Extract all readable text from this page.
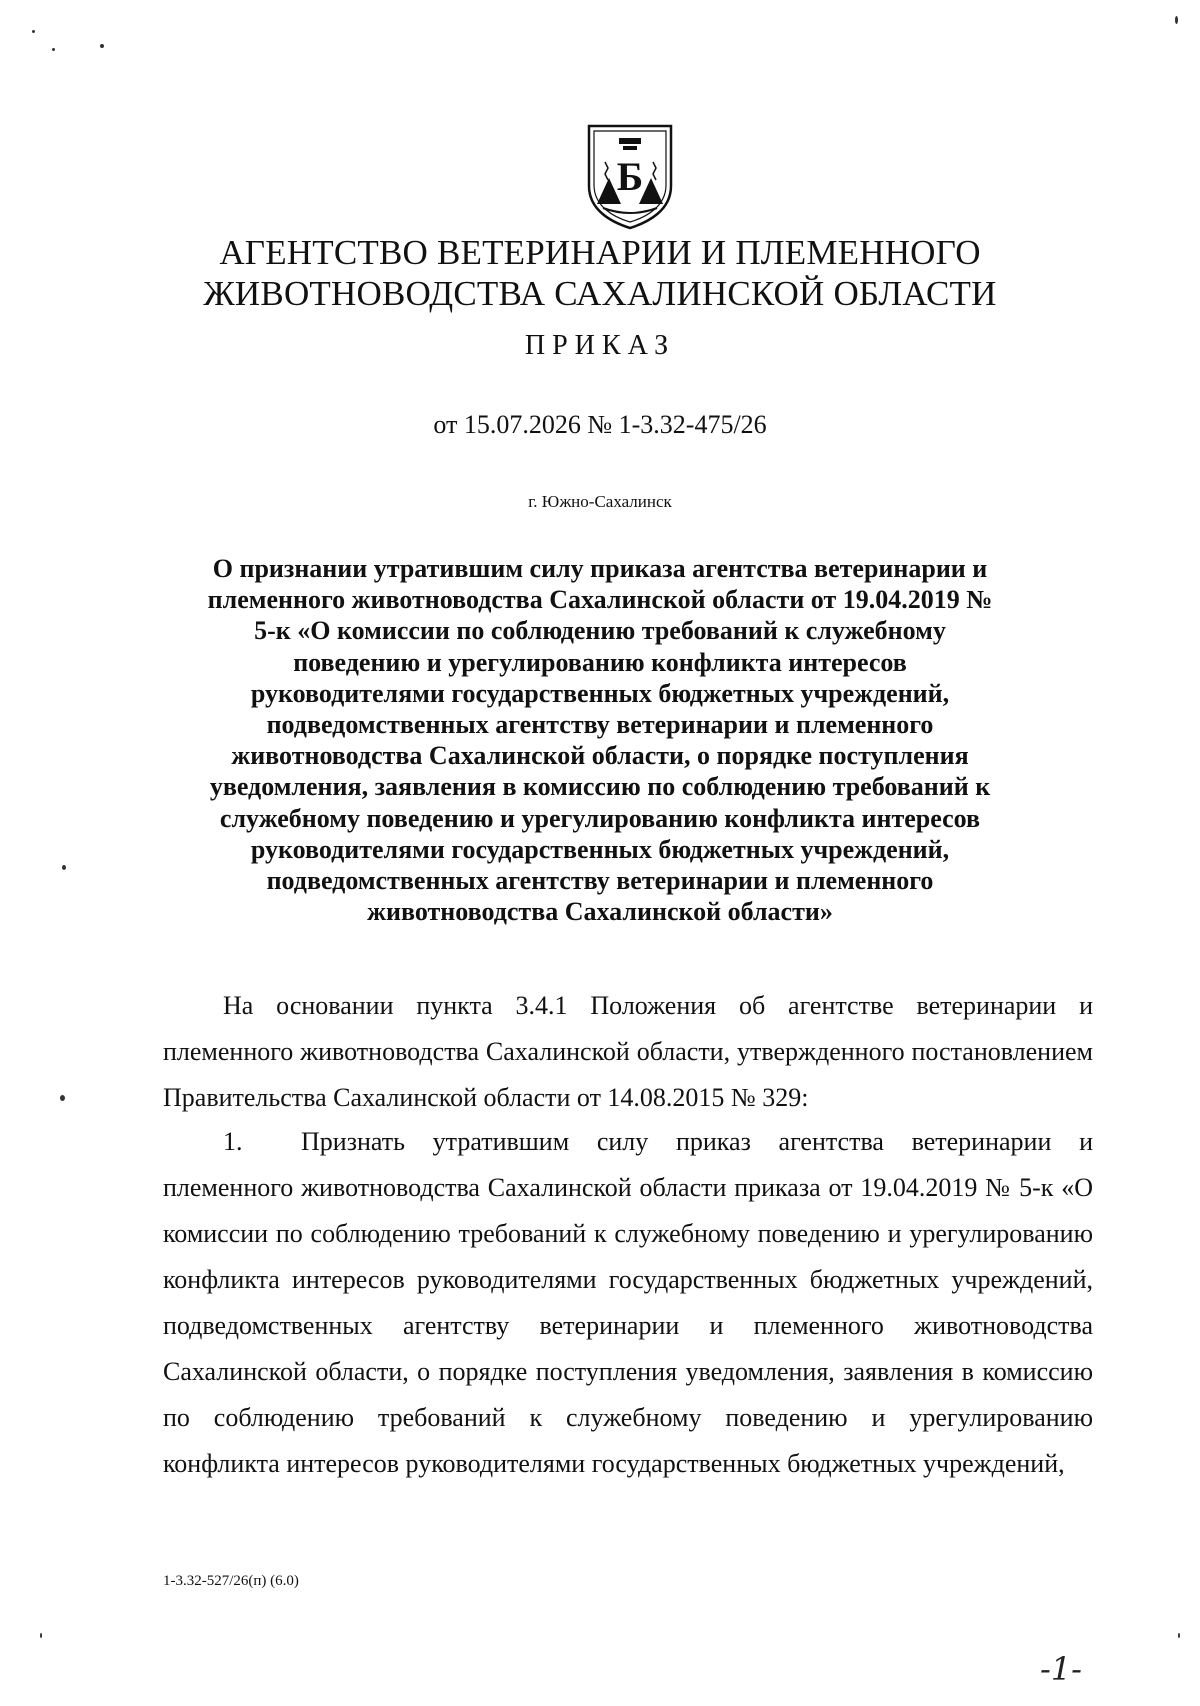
Б
АГЕНТСТВО ВЕТЕРИНАРИИ И ПЛЕМЕННОГО
ЖИВОТНОВОДСТВА САХАЛИНСКОЙ ОБЛАСТИ
ПРИКАЗ
от 15.07.2026 № 1-3.32-475/26
г. Южно-Сахалинск
О признании утратившим силу приказа агентства ветеринарии и
племенного животноводства Сахалинской области от 19.04.2019 №
5-к «О комиссии по соблюдению требований к служебному
поведению и урегулированию конфликта интересов
руководителями государственных бюджетных учреждений,
подведомственных агентству ветеринарии и племенного
животноводства Сахалинской области, о порядке поступления
уведомления, заявления в комиссию по соблюдению требований к
служебному поведению и урегулированию конфликта интересов
руководителями государственных бюджетных учреждений,
подведомственных агентству ветеринарии и племенного
животноводства Сахалинской области»
На основании пункта 3.4.1 Положения об агентстве ветеринарии и племенного животноводства Сахалинской области, утвержденного постановлением Правительства Сахалинской области от 14.08.2015 № 329:
1. Признать утратившим силу приказ агентства ветеринарии и племенного животноводства Сахалинской области приказа от 19.04.2019 № 5-к «О комиссии по соблюдению требований к служебному поведению и урегулированию конфликта интересов руководителями государственных бюджетных учреждений, подведомственных агентству ветеринарии и племенного животноводства Сахалинской области, о порядке поступления уведомления, заявления в комиссию по соблюдению требований к служебному поведению и урегулированию конфликта интересов руководителями государственных бюджетных учреждений,
1-3.32-527/26(п) (6.0)
-1-
